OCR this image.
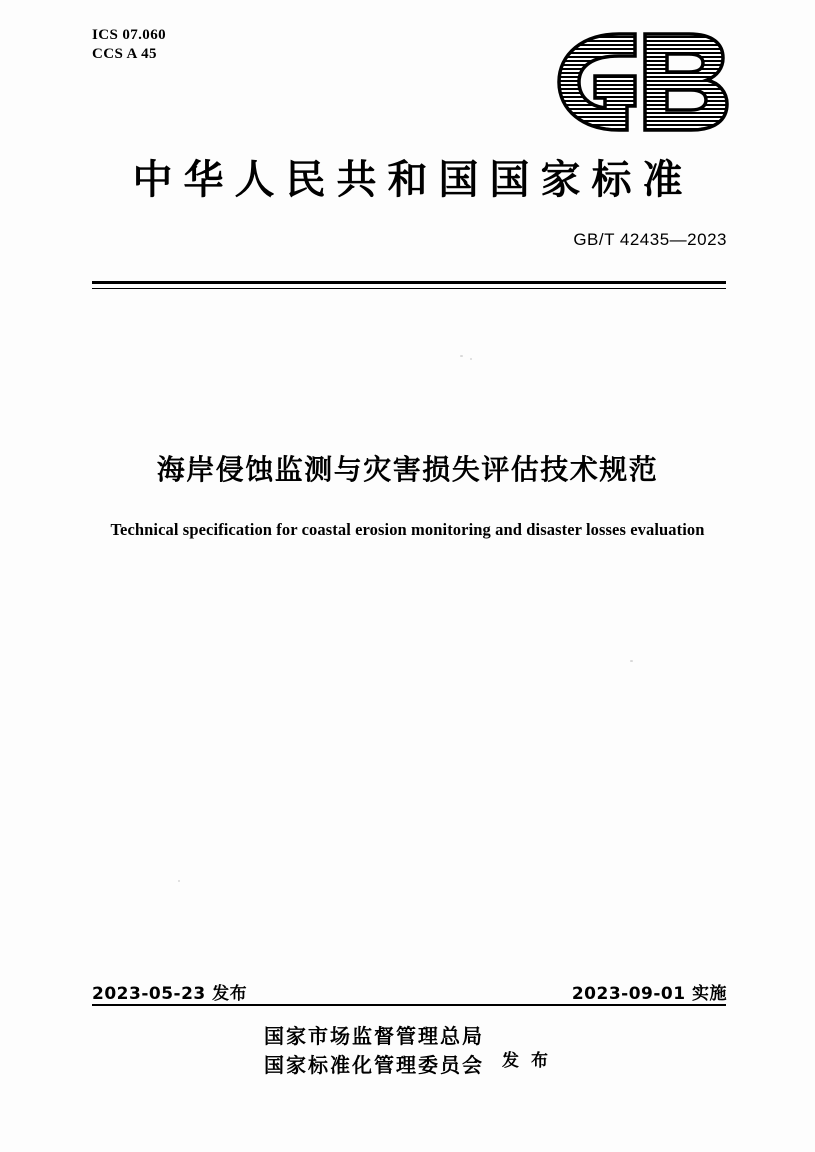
ICS 07.060
CCS A 45
中华人民共和国国家标准
GB/T 42435—2023
海岸侵蚀监测与灾害损失评估技术规范
Technical specification for coastal erosion monitoring and disaster losses evaluation
2023-05-23 发布	2023-09-01 实施
国家市场监督管理总局
国家标准化管理委员会 发 布
